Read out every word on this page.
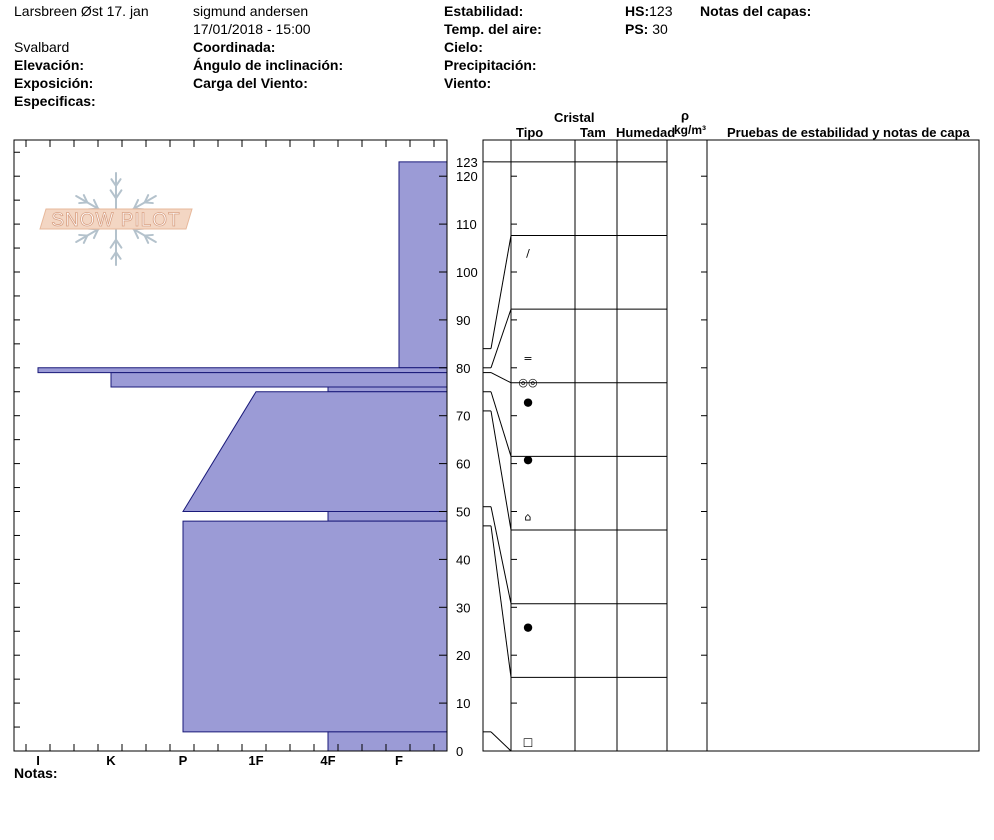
Larsbreen Øst 17. jan
Svalbard
Elevación:
Exposición:
Especificas:
sigmund andersen
17/01/2018 - 15:00
Coordinada:
Ángulo de inclinación:
Carga del Viento:
Estabilidad:
Temp. del aire:
Cielo:
Precipitación:
Viento:
HS:123
PS: 30
Notas del capas:
Cristal
Tipo	Tam Humedad
ρ
kg/m³ Pruebas de estabilidad y notas de capa
Notas:
SNOW PILOT
123
120
110
100
90
80
70
60
50
40
30
20
10
0
I	K	P	1F	4F	F
/
=
◎◎
●
●
⌂
●
□
